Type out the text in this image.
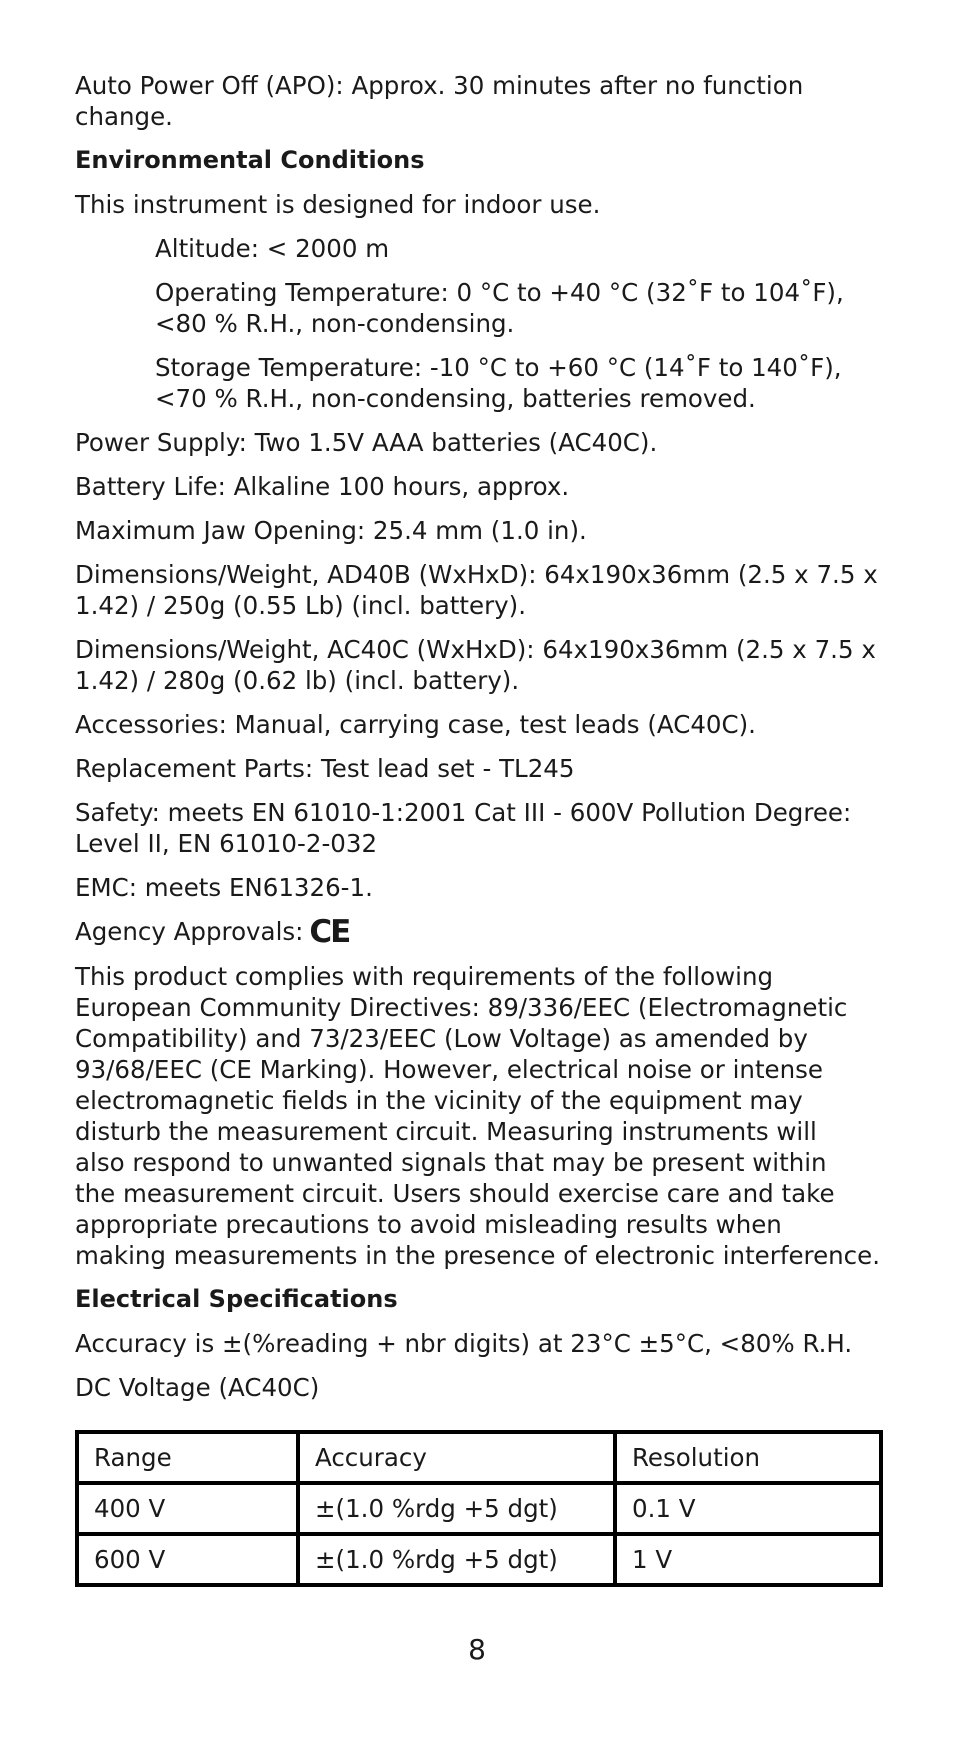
Auto Power Off (APO): Approx. 30 minutes after no function change.

Environmental Conditions

This instrument is designed for indoor use.

Altitude: < 2000 m

Operating Temperature: 0 °C to +40 °C (32˚F to 104˚F),

<80 % R.H., non-condensing.

Storage Temperature: -10 °C to +60 °C (14˚F to 140˚F),

<70 % R.H., non-condensing, batteries removed.

Power Supply: Two 1.5V AAA batteries (AC40C).

Battery Life: Alkaline 100 hours, approx.

Maximum Jaw Opening: 25.4 mm (1.0 in).

Dimensions/Weight, AD40B (WxHxD): 64x190x36mm (2.5 x 7.5 x

1.42) / 250g (0.55 Lb) (incl. battery).

Dimensions/Weight, AC40C (WxHxD): 64x190x36mm (2.5 x 7.5 x

1.42) / 280g (0.62 lb) (incl. battery).

Accessories: Manual, carrying case, test leads (AC40C).

Replacement Parts: Test lead set - TL245

Safety: meets EN 61010-1:2001 Cat III - 600V Pollution Degree:

Level II, EN 61010-2-032

EMC: meets EN61326-1.

Agency Approvals: CE

This product complies with requirements of the following

European Community Directives: 89/336/EEC (Electromagnetic

Compatibility) and 73/23/EEC (Low Voltage) as amended by

93/68/EEC (CE Marking). However, electrical noise or intense

electromagnetic fields in the vicinity of the equipment may

disturb the measurement circuit. Measuring instruments will

also respond to unwanted signals that may be present within

the measurement circuit. Users should exercise care and take

appropriate precautions to avoid misleading results when

making measurements in the presence of electronic interference.

Electrical Specifications

Accuracy is ±(%reading + nbr digits) at 23°C ±5°C, <80% R.H.

DC Voltage (AC40C)

Range	Accuracy	Resolution
400 V	±(1.0 %rdg +5 dgt)	0.1 V
600 V	±(1.0 %rdg +5 dgt)	1 V
8
